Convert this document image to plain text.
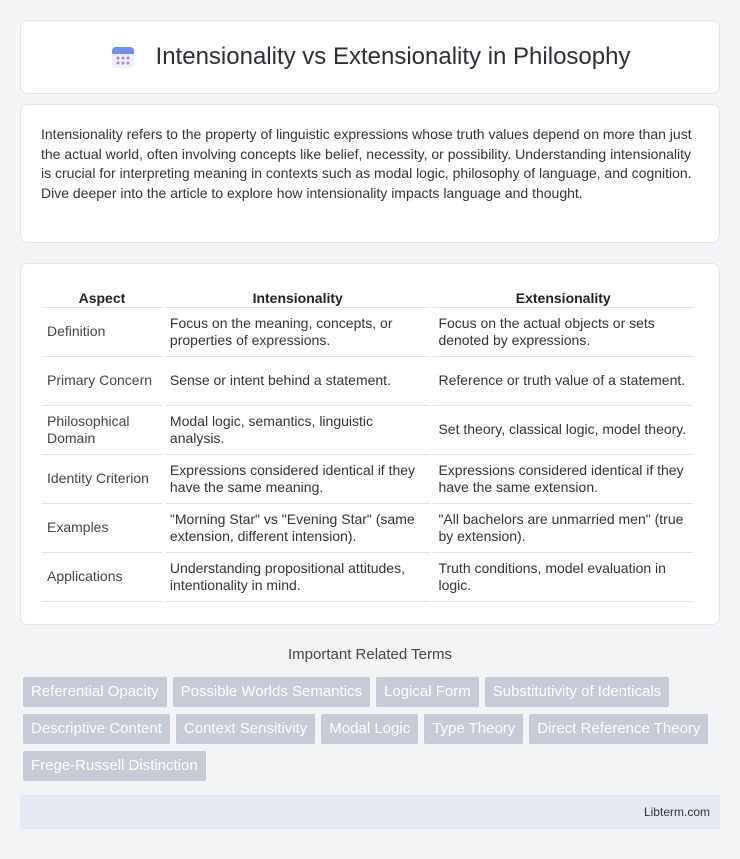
Intensionality vs Extensionality in Philosophy

Intensionality refers to the property of linguistic expressions whose truth values depend on more than just the actual world, often involving concepts like belief, necessity, or possibility. Understanding intensionality is crucial for interpreting meaning in contexts such as modal logic, philosophy of language, and cognition. Dive deeper into the article to explore how intensionality impacts language and thought.

Aspect	Intensionality	Extensionality
Definition	Focus on the meaning, concepts, or properties of expressions.	Focus on the actual objects or sets denoted by expressions.
Primary Concern	Sense or intent behind a statement.	Reference or truth value of a statement.
Philosophical Domain	Modal logic, semantics, linguistic analysis.	Set theory, classical logic, model theory.
Identity Criterion	Expressions considered identical if they have the same meaning.	Expressions considered identical if they have the same extension.
Examples	"Morning Star" vs "Evening Star" (same extension, different intension).	"All bachelors are unmarried men" (true by extension).
Applications	Understanding propositional attitudes, intentionality in mind.	Truth conditions, model evaluation in logic.
Important Related Terms
Referential Opacity	Possible Worlds Semantics	Logical Form	Substitutivity of Identicals
Descriptive Content	Context Sensitivity	Modal Logic	Type Theory	Direct Reference Theory
Frege-Russell Distinction
Libterm.com
